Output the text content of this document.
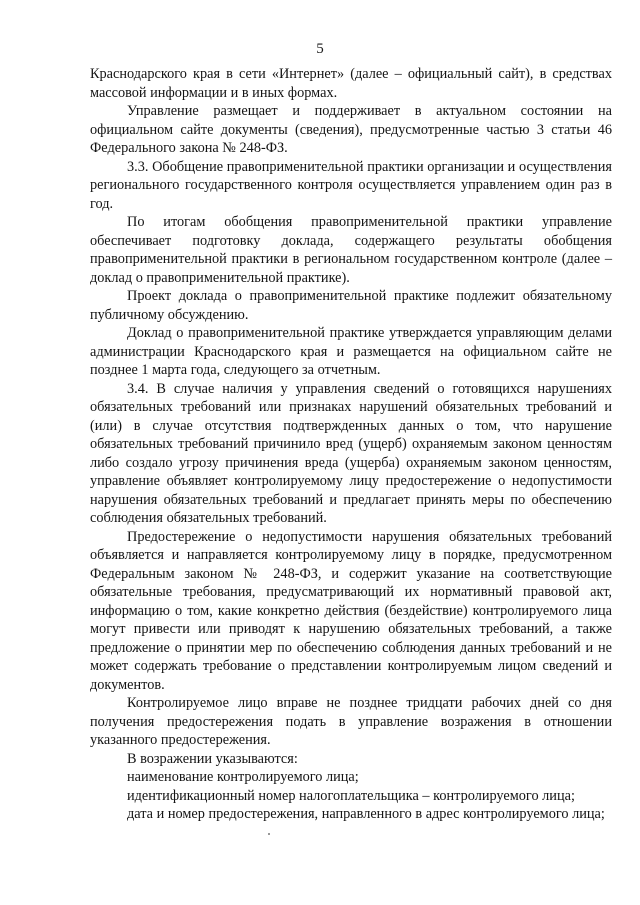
5

Краснодарского края в сети «Интернет» (далее – официальный сайт), в средствах массовой информации и в иных формах.

Управление размещает и поддерживает в актуальном состоянии на официальном сайте документы (сведения), предусмотренные частью 3 статьи 46 Федерального закона № 248-ФЗ.

3.3. Обобщение правоприменительной практики организации и осуществления регионального государственного контроля осуществляется управлением один раз в год.

По итогам обобщения правоприменительной практики управление обеспечивает подготовку доклада, содержащего результаты обобщения правоприменительной практики в региональном государственном контроле (далее – доклад о правоприменительной практике).

Проект доклада о правоприменительной практике подлежит обязательному публичному обсуждению.

Доклад о правоприменительной практике утверждается управляющим делами администрации Краснодарского края и размещается на официальном сайте не позднее 1 марта года, следующего за отчетным.

3.4. В случае наличия у управления сведений о готовящихся нарушениях обязательных требований или признаках нарушений обязательных требований и (или) в случае отсутствия подтвержденных данных о том, что нарушение обязательных требований причинило вред (ущерб) охраняемым законом ценностям либо создало угрозу причинения вреда (ущерба) охраняемым законом ценностям, управление объявляет контролируемому лицу предостережение о недопустимости нарушения обязательных требований и предлагает принять меры по обеспечению соблюдения обязательных требований.

Предостережение о недопустимости нарушения обязательных требований объявляется и направляется контролируемому лицу в порядке, предусмотренном Федеральным законом № 248-ФЗ, и содержит указание на соответствующие обязательные требования, предусматривающий их нормативный правовой акт, информацию о том, какие конкретно действия (бездействие) контролируемого лица могут привести или приводят к нарушению обязательных требований, а также предложение о принятии мер по обеспечению соблюдения данных требований и не может содержать требование о представлении контролируемым лицом сведений и документов.

Контролируемое лицо вправе не позднее тридцати рабочих дней со дня получения предостережения подать в управление возражения в отношении указанного предостережения.

В возражении указываются:

наименование контролируемого лица;

идентификационный номер налогоплательщика – контролируемого лица;

дата и номер предостережения, направленного в адрес контролируемого лица;
